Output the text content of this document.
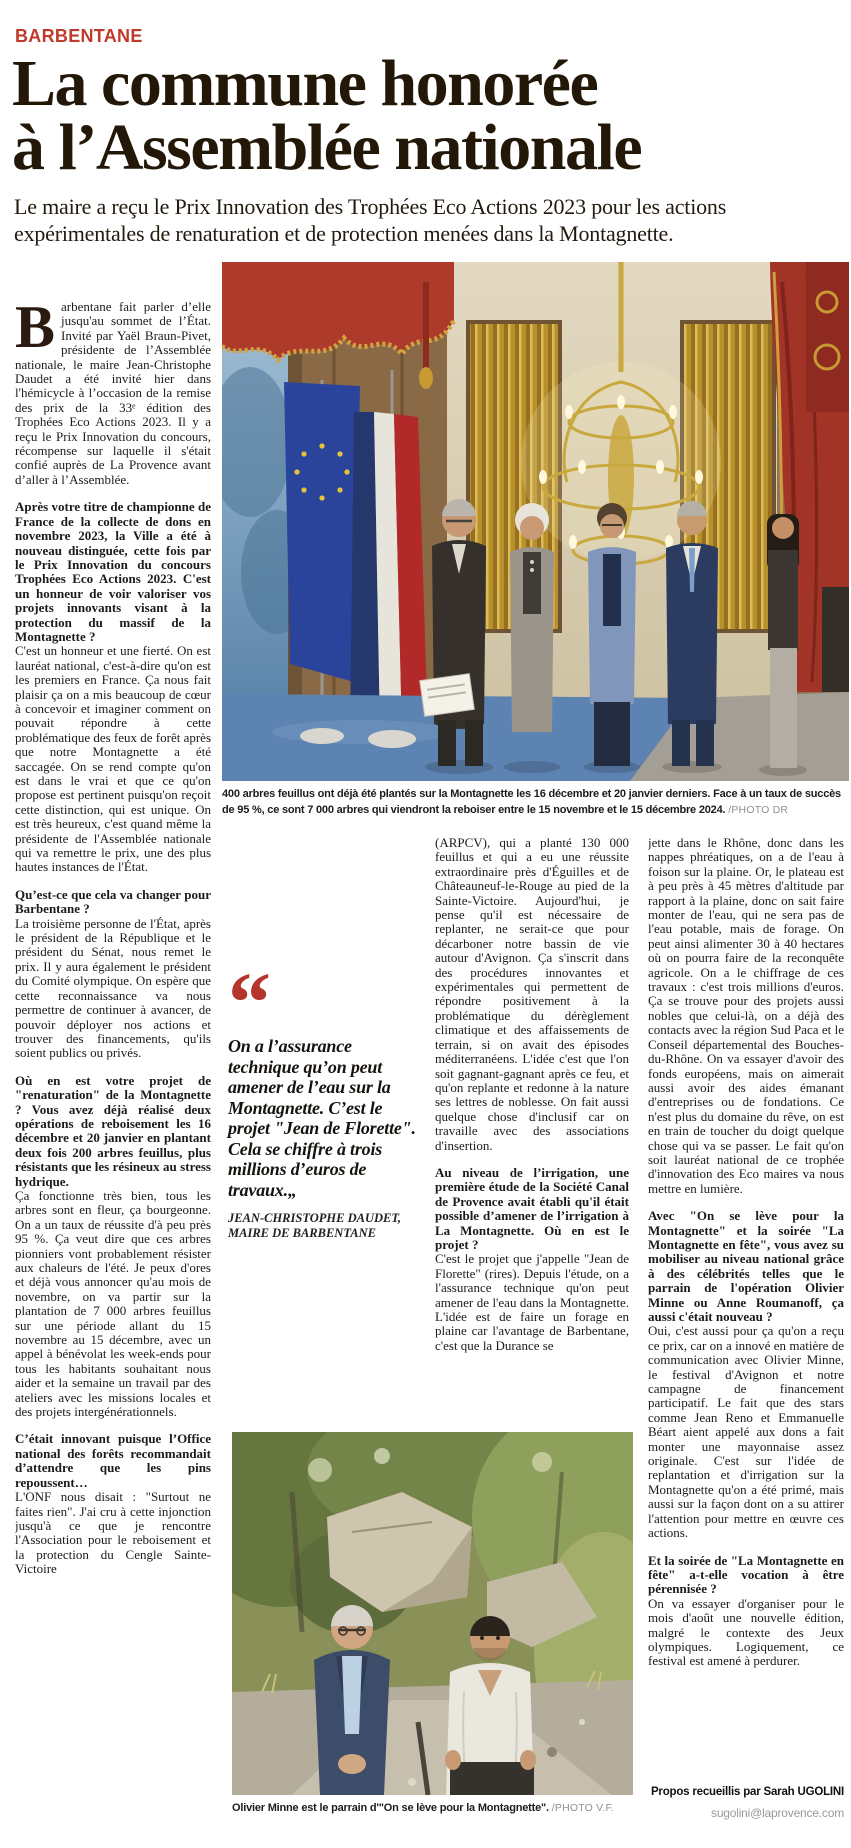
BARBENTANE
La commune honorée
à l’Assemblée nationale
Le maire a reçu le Prix Innovation des Trophées Eco Actions 2023 pour les actions expérimentales de renaturation et de protection menées dans la Montagnette.

Barbentane fait parler d’elle jusqu'au sommet de l’État. Invité par Yaël Braun-Pivet, présidente de l’Assemblée nationale, le maire Jean-Christophe Daudet a été invité hier dans l'hémicycle à l’occasion de la remise des prix de la 33ᵉ édition des Trophées Eco Actions 2023. Il y a reçu le Prix Innovation du concours, récompense sur laquelle il s'était confié auprès de La Provence avant d’aller à l’Assemblée.

Après votre titre de championne de France de la collecte de dons en novembre 2023, la Ville a été à nouveau distinguée, cette fois par le Prix Innovation du concours Trophées Eco Actions 2023. C'est un honneur de voir valoriser vos projets innovants visant à la protection du massif de la Montagnette ?

C'est un honneur et une fierté. On est lauréat national, c'est-à-dire qu'on est les premiers en France. Ça nous fait plaisir ça on a mis beaucoup de cœur à concevoir et imaginer comment on pouvait répondre à cette problématique des feux de forêt après que notre Montagnette a été saccagée. On se rend compte qu'on est dans le vrai et que ce qu'on propose est pertinent puisqu'on reçoit cette distinction, qui est unique. On est très heureux, c'est quand même la présidente de l'Assemblée nationale qui va remettre le prix, une des plus hautes instances de l'État.

Qu’est-ce que cela va changer pour Barbentane ?

La troisième personne de l'État, après le président de la République et le président du Sénat, nous remet le prix. Il y aura également le président du Comité olympique. On espère que cette reconnaissance va nous permettre de continuer à avancer, de pouvoir déployer nos actions et trouver des financements, qu'ils soient publics ou privés.

Où en est votre projet de "renaturation" de la Montagnette ? Vous avez déjà réalisé deux opérations de reboisement les 16 décembre et 20 janvier en plantant deux fois 200 arbres feuillus, plus résistants que les résineux au stress hydrique.

Ça fonctionne très bien, tous les arbres sont en fleur, ça bourgeonne. On a un taux de réussite d'à peu près 95 %. Ça veut dire que ces arbres pionniers vont probablement résister aux chaleurs de l'été. Je peux d'ores et déjà vous annoncer qu'au mois de novembre, on va partir sur la plantation de 7 000 arbres feuillus sur une période allant du 15 novembre au 15 décembre, avec un appel à bénévolat les week-ends pour tous les habitants souhaitant nous aider et la semaine un travail par des ateliers avec les missions locales et des projets intergénérationnels.

C’était innovant puisque l’Office national des forêts recommandait d’attendre que les pins repoussent…

L'ONF nous disait : "Surtout ne faites rien". J'ai cru à cette injonction jusqu'à ce que je rencontre l'Association pour le reboisement et la protection du Cengle Sainte-Victoire

400 arbres feuillus ont déjà été plantés sur la Montagnette les 16 décembre et 20 janvier derniers. Face à un taux de succès de 95 %, ce sont 7 000 arbres qui viendront la reboiser entre le 15 novembre et le 15 décembre 2024. /PHOTO DR
“
On a l’assurance technique qu’on peut amener de l’eau sur la Montagnette. C’est le projet "Jean de Florette". Cela se chiffre à trois millions d’euros de travaux.„
JEAN-CHRISTOPHE DAUDET,
MAIRE DE BARBENTANE

(ARPCV), qui a planté 130 000 feuillus et qui a eu une réussite extraordinaire près d'Éguilles et de Châteauneuf-le-Rouge au pied de la Sainte-Victoire. Aujourd'hui, je pense qu'il est nécessaire de replanter, ne serait-ce que pour décarboner notre bassin de vie autour d'Avignon. Ça s'inscrit dans des procédures innovantes et expérimentales qui permettent de répondre positivement à la problématique du dérèglement climatique et des affaissements de terrain, si on avait des épisodes méditerranéens. L'idée c'est que l'on soit gagnant-gagnant après ce feu, et qu'on replante et redonne à la nature ses lettres de noblesse. On fait aussi quelque chose d'inclusif car on travaille avec des associations d'insertion.

Au niveau de l’irrigation, une première étude de la Société Canal de Provence avait établi qu'il était possible d’amener de l’irrigation à La Montagnette. Où en est le projet ?

C'est le projet que j'appelle "Jean de Florette" (rires). Depuis l'étude, on a l'assurance technique qu'on peut amener de l'eau dans la Montagnette. L'idée est de faire un forage en plaine car l'avantage de Barbentane, c'est que la Durance se

jette dans le Rhône, donc dans les nappes phréatiques, on a de l'eau à foison sur la plaine. Or, le plateau est à peu près à 45 mètres d'altitude par rapport à la plaine, donc on sait faire monter de l'eau, qui ne sera pas de l'eau potable, mais de forage. On peut ainsi alimenter 30 à 40 hectares où on pourra faire de la reconquête agricole. On a le chiffrage de ces travaux : c'est trois millions d'euros. Ça se trouve pour des projets aussi nobles que celui-là, on a déjà des contacts avec la région Sud Paca et le Conseil départemental des Bouches-du-Rhône. On va essayer d'avoir des fonds européens, mais on aimerait aussi avoir des aides émanant d'entreprises ou de fondations. Ce n'est plus du domaine du rêve, on est en train de toucher du doigt quelque chose qui va se passer. Le fait qu'on soit lauréat national de ce trophée d'innovation des Eco maires va nous mettre en lumière.

Avec "On se lève pour la Montagnette" et la soirée "La Montagnette en fête", vous avez su mobiliser au niveau national grâce à des célébrités telles que le parrain de l'opération Olivier Minne ou Anne Roumanoff, ça aussi c'était nouveau ?

Oui, c'est aussi pour ça qu'on a reçu ce prix, car on a innové en matière de communication avec Olivier Minne, le festival d'Avignon et notre campagne de financement participatif. Le fait que des stars comme Jean Reno et Emmanuelle Béart aient appelé aux dons a fait monter une mayonnaise assez originale. C'est sur l'idée de replantation et d'irrigation sur la Montagnette qu'on a été primé, mais aussi sur la façon dont on a su attirer l'attention pour mettre en œuvre ces actions.

Et la soirée de "La Montagnette en fête" a-t-elle vocation à être pérennisée ?

On va essayer d'organiser pour le mois d'août une nouvelle édition, malgré le contexte des Jeux olympiques. Logiquement, ce festival est amené à perdurer.

Olivier Minne est le parrain d'"On se lève pour la Montagnette". /PHOTO V.F.
Propos recueillis par Sarah UGOLINI
sugolini@laprovence.com
